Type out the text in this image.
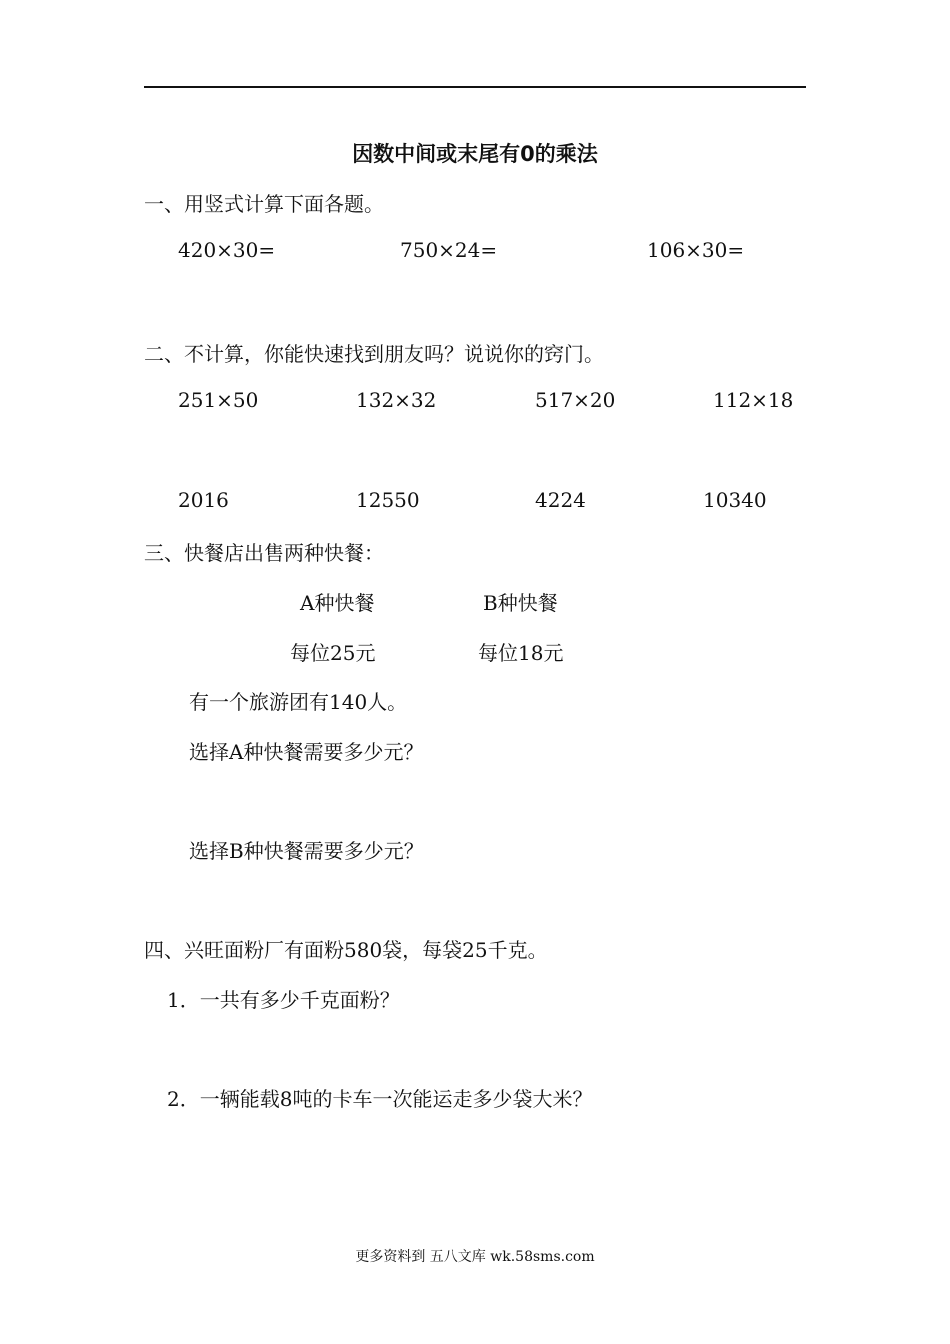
因数中间或末尾有0的乘法
一、用竖式计算下面各题。
420×30=	750×24=	106×30=
二、不计算，你能快速找到朋友吗？说说你的窍门。
251×50	132×32	517×20	112×18
2016	12550	4224	10340
三、快餐店出售两种快餐：
A种快餐	B种快餐
每位25元	每位18元
有一个旅游团有140人。
选择A种快餐需要多少元？
选择B种快餐需要多少元？
四、兴旺面粉厂有面粉580袋，每袋25千克。
1．一共有多少千克面粉？
2．一辆能载8吨的卡车一次能运走多少袋大米？
更多资料到 五八文库 wk.58sms.com
